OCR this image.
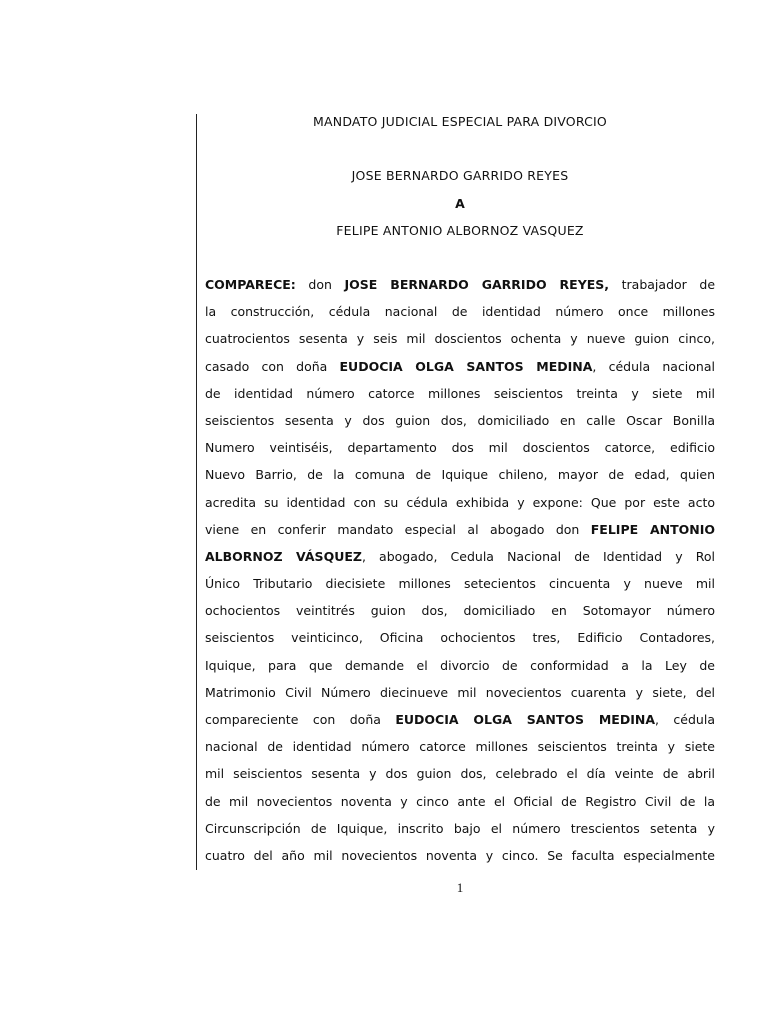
MANDATO JUDICIAL ESPECIAL PARA DIVORCIO
JOSE BERNARDO GARRIDO REYES
A
FELIPE ANTONIO ALBORNOZ VASQUEZ
COMPARECE: don JOSE BERNARDO GARRIDO REYES, trabajador de
la construcción, cédula nacional de identidad número once millones
cuatrocientos sesenta y seis mil doscientos ochenta y nueve guion cinco,
casado con doña EUDOCIA OLGA SANTOS MEDINA, cédula nacional
de identidad número catorce millones seiscientos treinta y siete mil
seiscientos sesenta y dos guion dos, domiciliado en calle Oscar Bonilla
Numero veintiséis, departamento dos mil doscientos catorce, edificio
Nuevo Barrio, de la comuna de Iquique chileno, mayor de edad, quien
acredita su identidad con su cédula exhibida y expone: Que por este acto
viene en conferir mandato especial al abogado don FELIPE ANTONIO
ALBORNOZ VÁSQUEZ, abogado, Cedula Nacional de Identidad y Rol
Único Tributario diecisiete millones setecientos cincuenta y nueve mil
ochocientos veintitrés guion dos, domiciliado en Sotomayor número
seiscientos veinticinco, Oficina ochocientos tres, Edificio Contadores,
Iquique, para que demande el divorcio de conformidad a la Ley de
Matrimonio Civil Número diecinueve mil novecientos cuarenta y siete, del
compareciente con doña EUDOCIA OLGA SANTOS MEDINA, cédula
nacional de identidad número catorce millones seiscientos treinta y siete
mil seiscientos sesenta y dos guion dos, celebrado el día veinte de abril
de mil novecientos noventa y cinco ante el Oficial de Registro Civil de la
Circunscripción de Iquique, inscrito bajo el número trescientos setenta y
cuatro del año mil novecientos noventa y cinco. Se faculta especialmente
1
